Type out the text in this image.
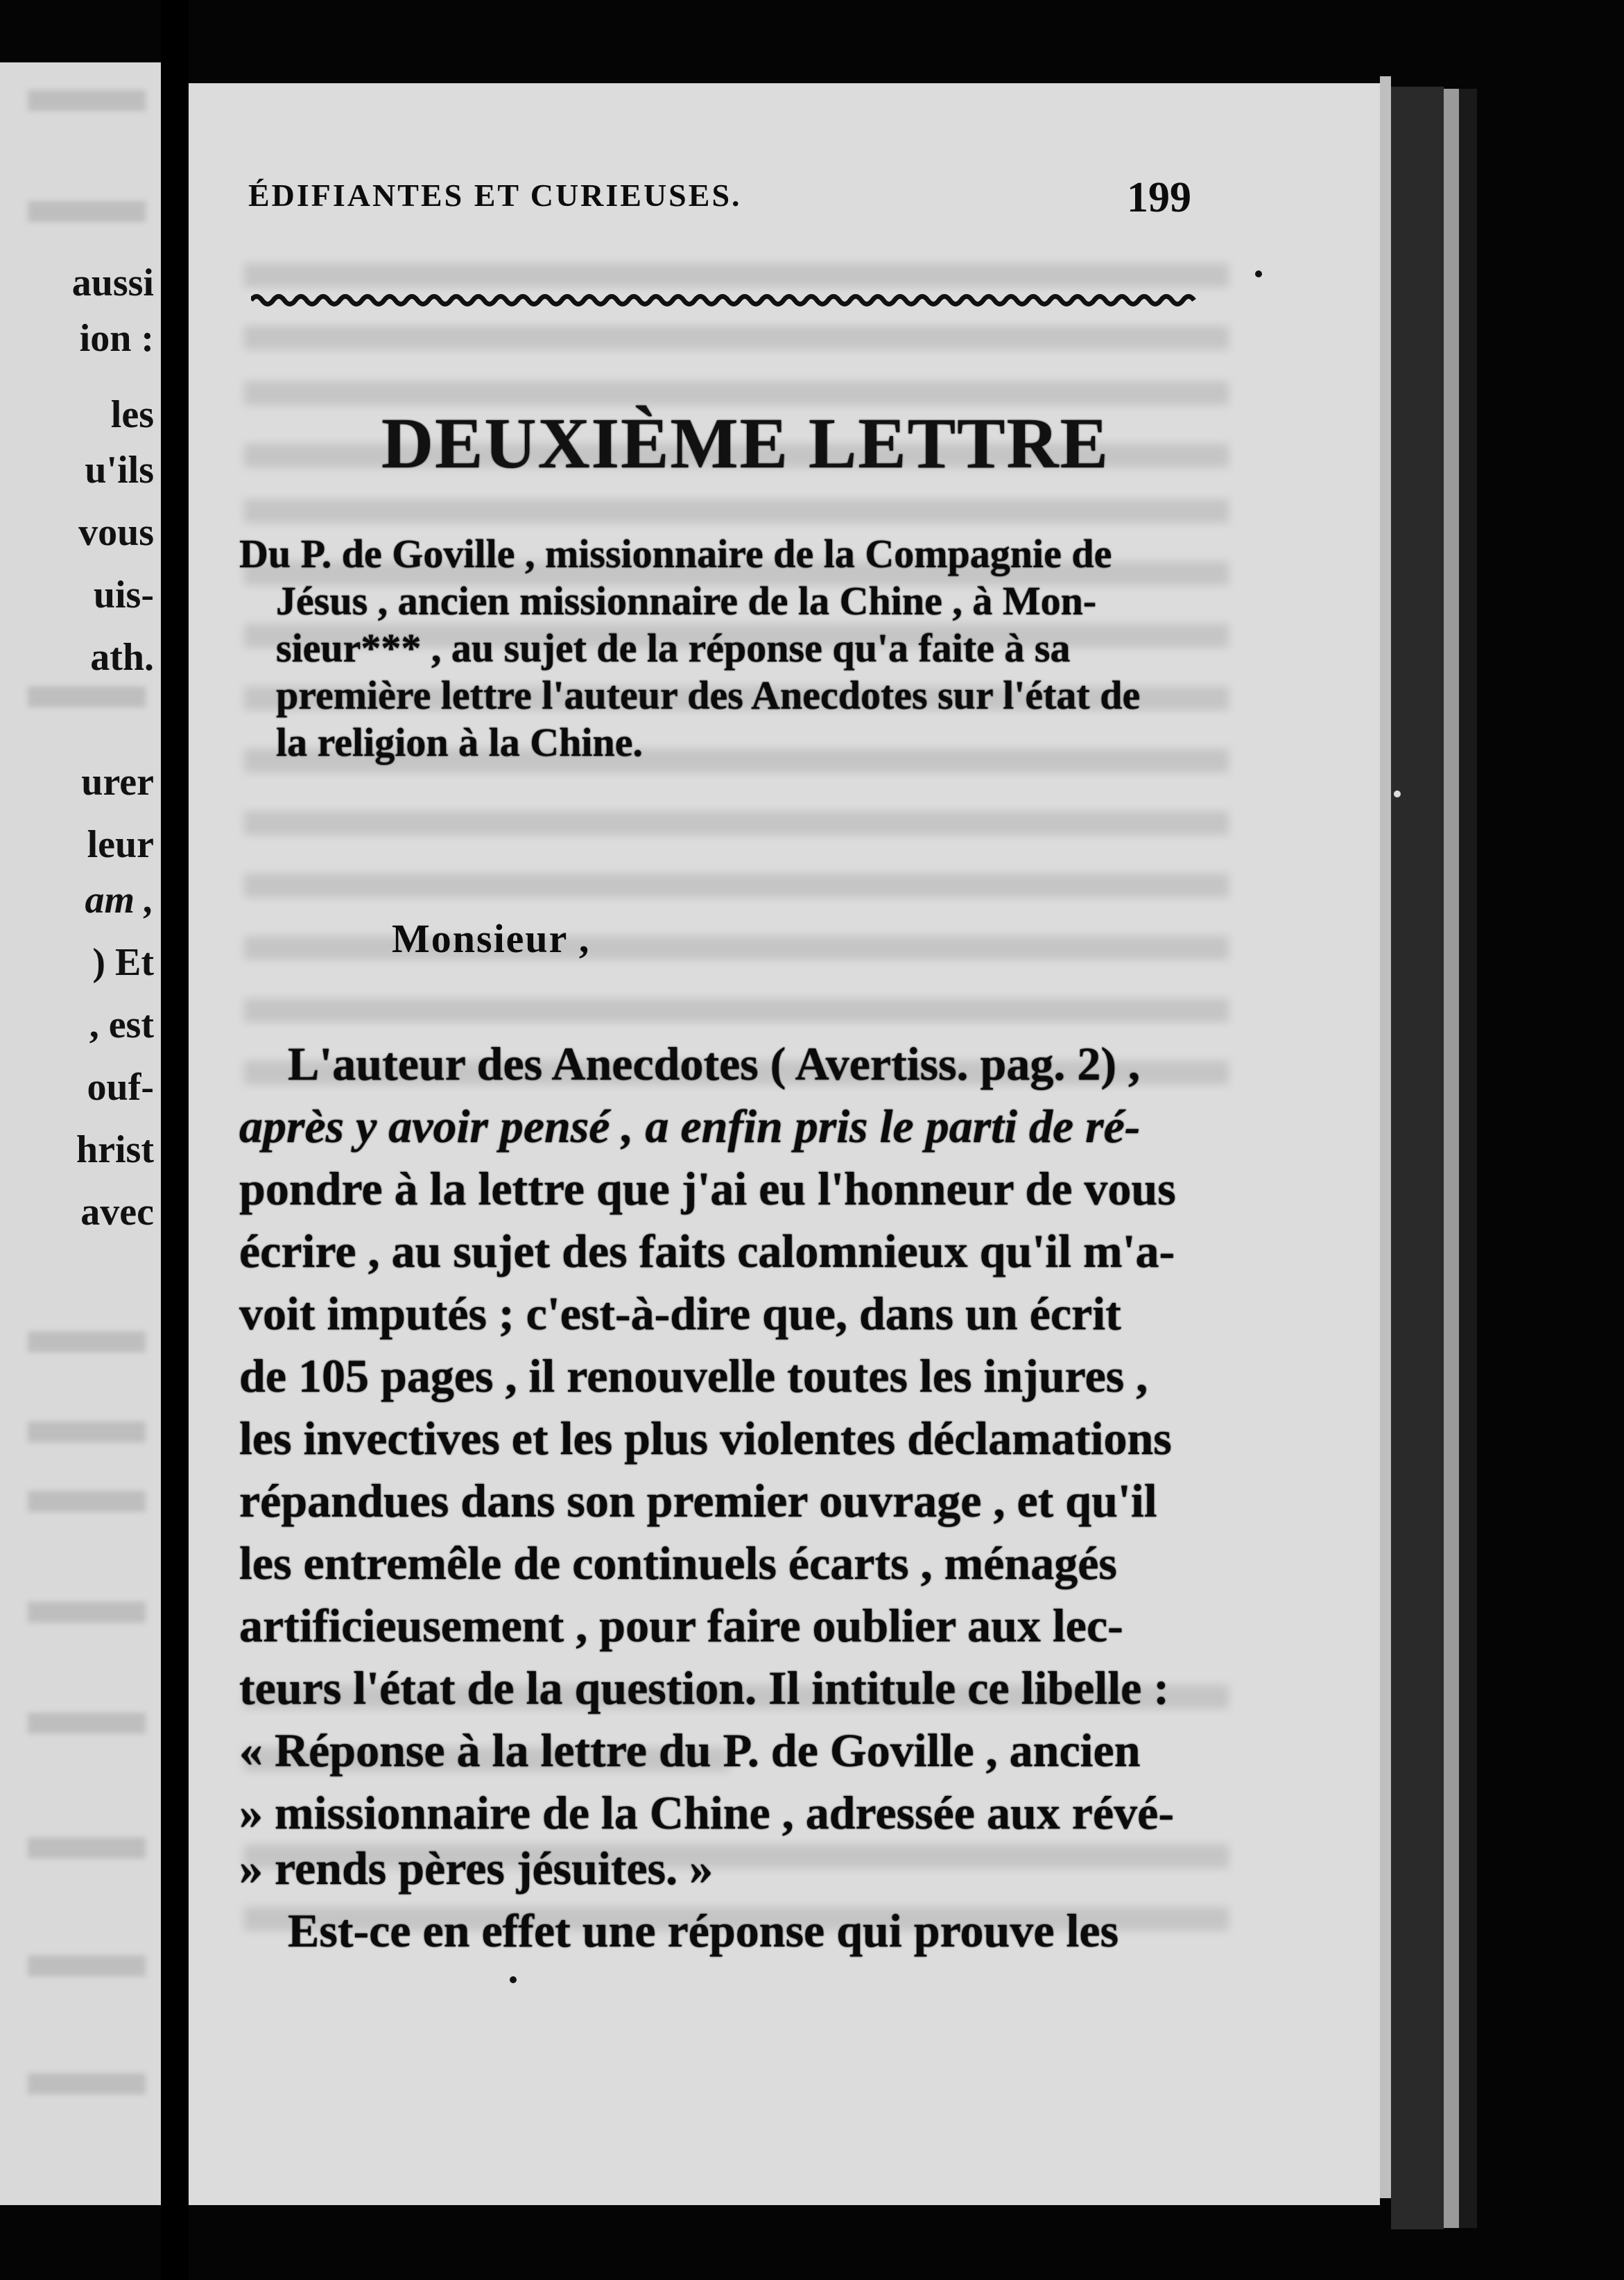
aussi
ion :
les
u'ils
vous
uis-
ath.
urer
leur
am ,
) Et
, est
ouf-
hrist
avec
ÉDIFIANTES ET CURIEUSES.	199
DEUXIÈME LETTRE
Du P. de Goville , missionnaire de la Compagnie de
Jésus , ancien missionnaire de la Chine , à Mon-
sieur*** , au sujet de la réponse qu'a faite à sa
première lettre l'auteur des Anecdotes sur l'état de
la religion à la Chine.
Monsieur ,
L'auteur des Anecdotes ( Avertiss. pag. 2) ,
après y avoir pensé , a enfin pris le parti de ré-
pondre à la lettre que j'ai eu l'honneur de vous
écrire , au sujet des faits calomnieux qu'il m'a-
voit imputés ; c'est-à-dire que, dans un écrit
de 105 pages , il renouvelle toutes les injures ,
les invectives et les plus violentes déclamations
répandues dans son premier ouvrage , et qu'il
les entremêle de continuels écarts , ménagés
artificieusement , pour faire oublier aux lec-
teurs l'état de la question. Il intitule ce libelle :
« Réponse à la lettre du P. de Goville , ancien
» missionnaire de la Chine , adressée aux révé-
» rends pères jésuites. »
Est-ce en effet une réponse qui prouve les
